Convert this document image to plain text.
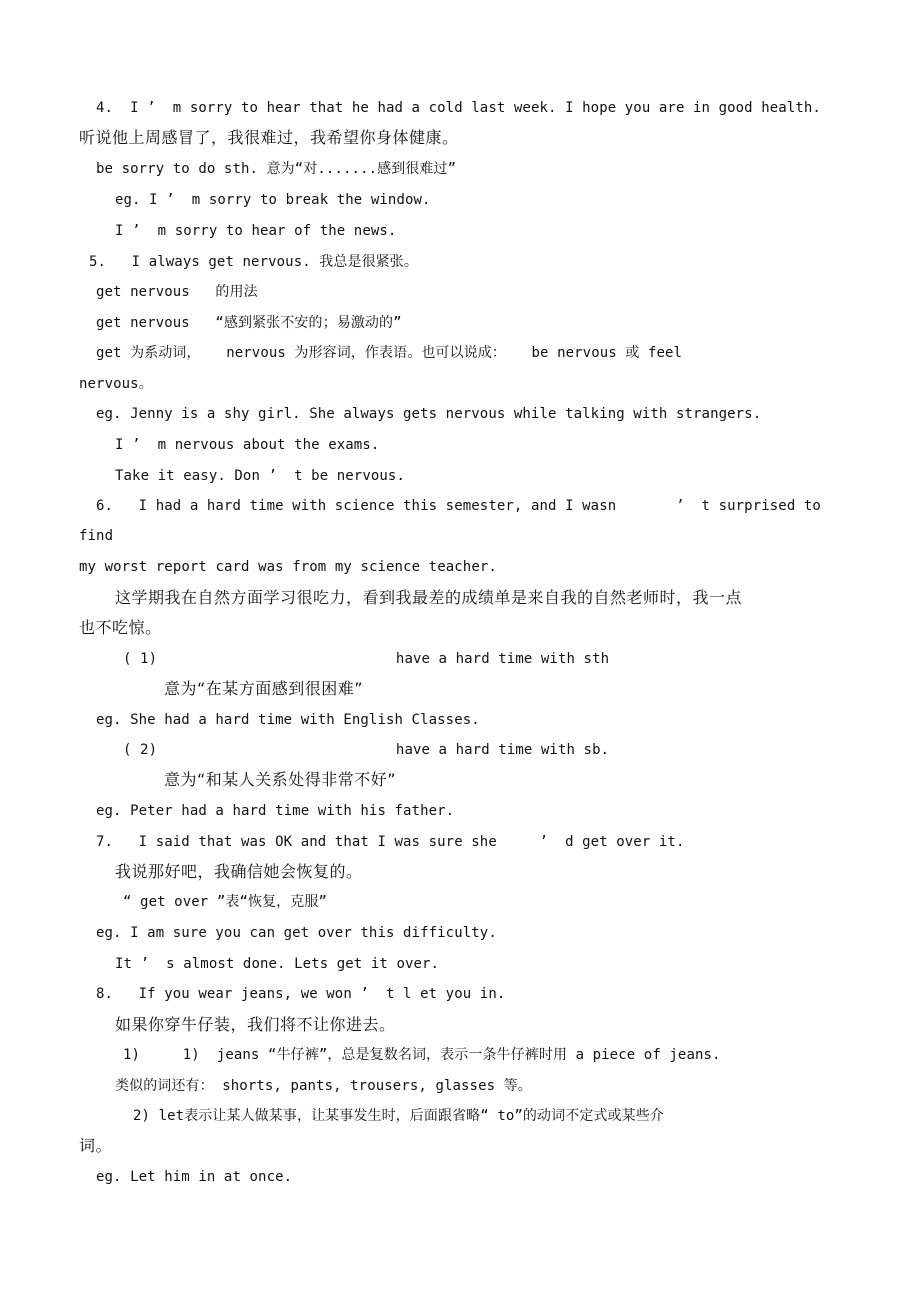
4.  I ’  m sorry to hear that he had a cold last week. I hope you are in good health.
听说他上周感冒了，我很难过，我希望你身体健康。
be sorry to do sth. 意为“对.......感到很难过”
eg. I ’  m sorry to break the window.
I ’  m sorry to hear of the news.
5.   I always get nervous. 我总是很紧张。
get nervous   的用法
get nervous   “感到紧张不安的；易激动的”
get 为系动词，   nervous 为形容词，作表语。也可以说成：   be nervous 或 feel
nervous。
eg. Jenny is a shy girl. She always gets nervous while talking with strangers.
I ’  m nervous about the exams.
Take it easy. Don ’  t be nervous.
6.   I had a hard time with science this semester, and I wasn       ’  t surprised to
find
my worst report card was from my science teacher.
这学期我在自然方面学习很吃力，看到我最差的成绩单是来自我的自然老师时，我一点
也不吃惊。
( 1)                            have a hard time with sth
意为“在某方面感到很困难”
eg. She had a hard time with English Classes.
( 2)                            have a hard time with sb.
意为“和某人关系处得非常不好”
eg. Peter had a hard time with his father.
7.   I said that was OK and that I was sure she     ’  d get over it.
我说那好吧，我确信她会恢复的。
“ get over ”表“恢复，克服”
eg. I am sure you can get over this difficulty.
It ’  s almost done. Lets get it over.
8.   If you wear jeans, we won ’  t l et you in.
如果你穿牛仔装，我们将不让你进去。
1)     1)  jeans “牛仔裤”，总是复数名词，表示一条牛仔裤时用 a piece of jeans.
类似的词还有： shorts, pants, trousers, glasses 等。
2) let表示让某人做某事，让某事发生时，后面跟省略“ to”的动词不定式或某些介
词。
eg. Let him in at once.
